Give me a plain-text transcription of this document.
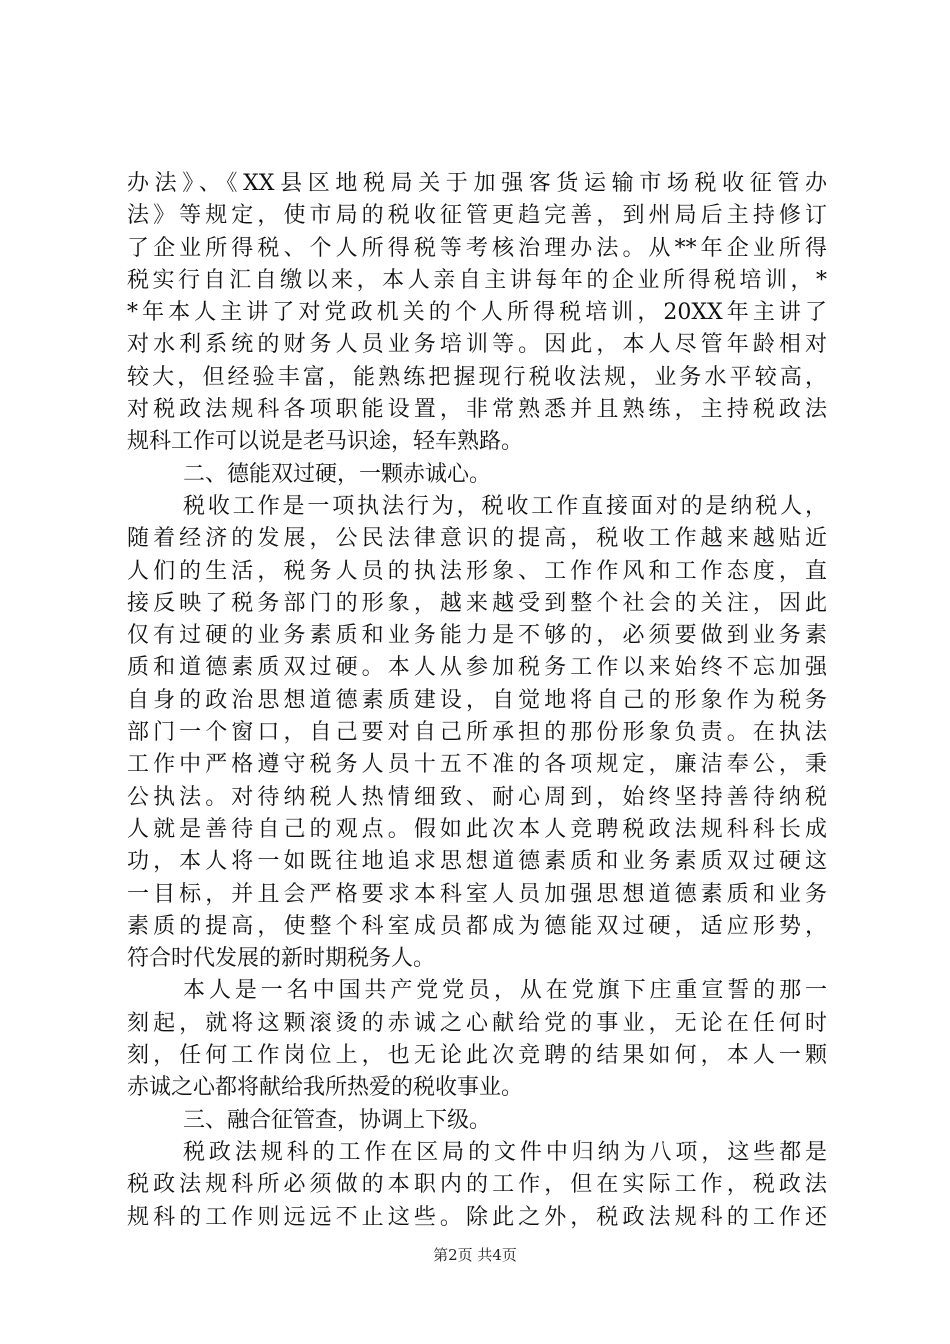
办法》、《XX县区地税局关于加强客货运输市场税收征管办
法》等规定，使市局的税收征管更趋完善，到州局后主持修订
了企业所得税、个人所得税等考核治理办法。从**年企业所得
税实行自汇自缴以来，本人亲自主讲每年的企业所得税培训，*
*年本人主讲了对党政机关的个人所得税培训，20XX年主讲了
对水利系统的财务人员业务培训等。因此，本人尽管年龄相对
较大，但经验丰富，能熟练把握现行税收法规，业务水平较高，
对税政法规科各项职能设置，非常熟悉并且熟练，主持税政法
规科工作可以说是老马识途，轻车熟路。
二、德能双过硬，一颗赤诚心。
税收工作是一项执法行为，税收工作直接面对的是纳税人，
随着经济的发展，公民法律意识的提高，税收工作越来越贴近
人们的生活，税务人员的执法形象、工作作风和工作态度，直
接反映了税务部门的形象，越来越受到整个社会的关注，因此
仅有过硬的业务素质和业务能力是不够的，必须要做到业务素
质和道德素质双过硬。本人从参加税务工作以来始终不忘加强
自身的政治思想道德素质建设，自觉地将自己的形象作为税务
部门一个窗口，自己要对自己所承担的那份形象负责。在执法
工作中严格遵守税务人员十五不准的各项规定，廉洁奉公，秉
公执法。对待纳税人热情细致、耐心周到，始终坚持善待纳税
人就是善待自己的观点。假如此次本人竞聘税政法规科科长成
功，本人将一如既往地追求思想道德素质和业务素质双过硬这
一目标，并且会严格要求本科室人员加强思想道德素质和业务
素质的提高，使整个科室成员都成为德能双过硬，适应形势，
符合时代发展的新时期税务人。
本人是一名中国共产党党员，从在党旗下庄重宣誓的那一
刻起，就将这颗滚烫的赤诚之心献给党的事业，无论在任何时
刻，任何工作岗位上，也无论此次竞聘的结果如何，本人一颗
赤诚之心都将献给我所热爱的税收事业。
三、融合征管查，协调上下级。
税政法规科的工作在区局的文件中归纳为八项，这些都是
税政法规科所必须做的本职内的工作，但在实际工作，税政法
规科的工作则远远不止这些。除此之外，税政法规科的工作还
第2页 共4页
